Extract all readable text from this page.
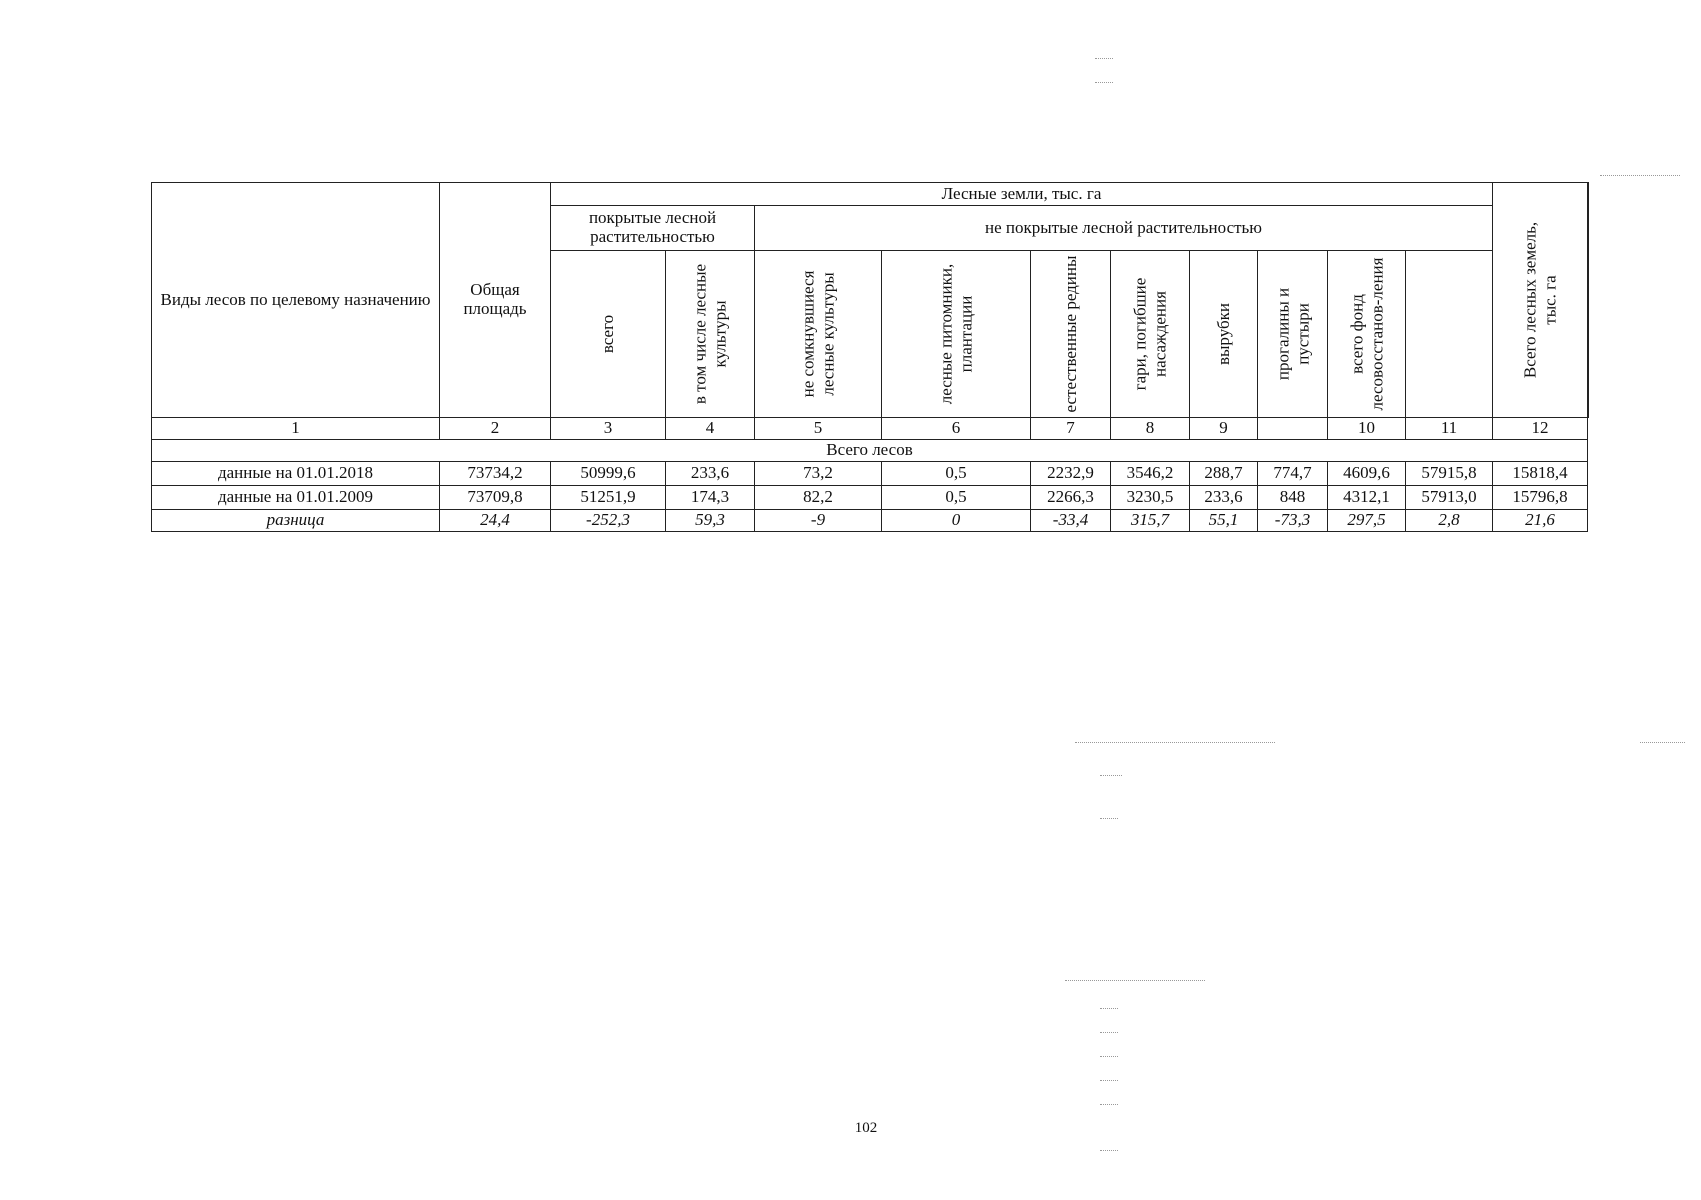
Виды лесов по целевому назначению	Общая площадь	Лесные земли, тыс. га										Всего лесных земель, тыс. га

		покрытые лесной растительностью		не покрытые лесной растительностью									

		всего	в том числе лесные культуры	не сомкнувшиеся лесные культуры	лесные питомники, плантации	естественные редины	гари, погибшие насаждения	вырубки	прогалины и пустыри	всего фонд лесовосстанов-ления			

1	2	3	4	5	6	7	8	9		10	11	12	
Всего лесов													
данные на 01.01.2018	73734,2	50999,6	233,6	73,2	0,5	2232,9	3546,2	288,7	774,7	4609,6	57915,8	15818,4	
данные на 01.01.2009	73709,8	51251,9	174,3	82,2	0,5	2266,3	3230,5	233,6	848	4312,1	57913,0	15796,8	
разница	24,4	-252,3	59,3	-9	0	-33,4	315,7	55,1	-73,3	297,5	2,8	21,6	
102
